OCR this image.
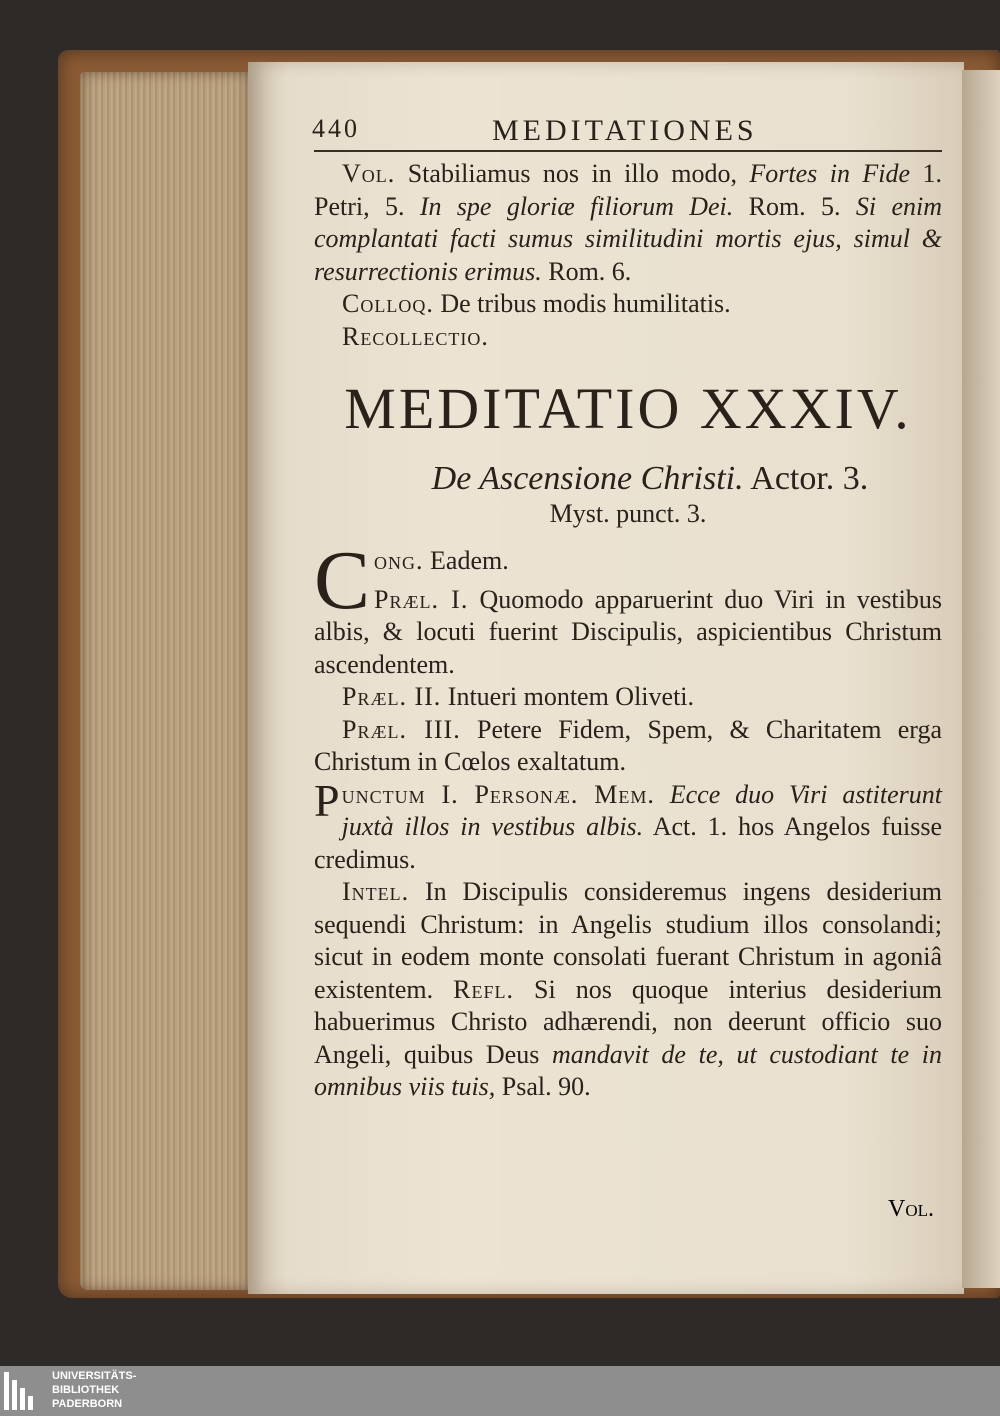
440	MEDITATIONES

Vol. Stabiliamus nos in illo modo, Fortes in Fide 1. Petri, 5. In spe gloriæ filiorum Dei. Rom. 5. Si enim complantati facti sumus similitudini mortis ejus, simul & resurrectionis erimus. Rom. 6.

Colloq. De tribus modis humilitatis.

Recollectio.

MEDITATIO XXXIV.
De Ascensione Christi. Actor. 3.
Myst. punct. 3.

Cong. Eadem.

Præl. I. Quomodo apparuerint duo Viri in vestibus albis, & locuti fuerint Discipulis, aspicientibus Christum ascendentem.

Præl. II. Intueri montem Oliveti.

Præl. III. Petere Fidem, Spem, & Charitatem erga Christum in Cœlos exaltatum.

Punctum I. Personæ. Mem. Ecce duo Viri astiterunt juxtà illos in vestibus albis. Act. 1. hos Angelos fuisse credimus.

Intel. In Discipulis consideremus ingens desiderium sequendi Christum: in Angelis studium illos consolandi; sicut in eodem monte consolati fuerant Christum in agoniâ existentem. Refl. Si nos quoque interius desiderium habuerimus Christo adhærendi, non deerunt officio suo Angeli, quibus Deus mandavit de te, ut custodiant te in omnibus viis tuis, Psal. 90.

Vol.
UNIVERSITÄTS-
BIBLIOTHEK
PADERBORN
